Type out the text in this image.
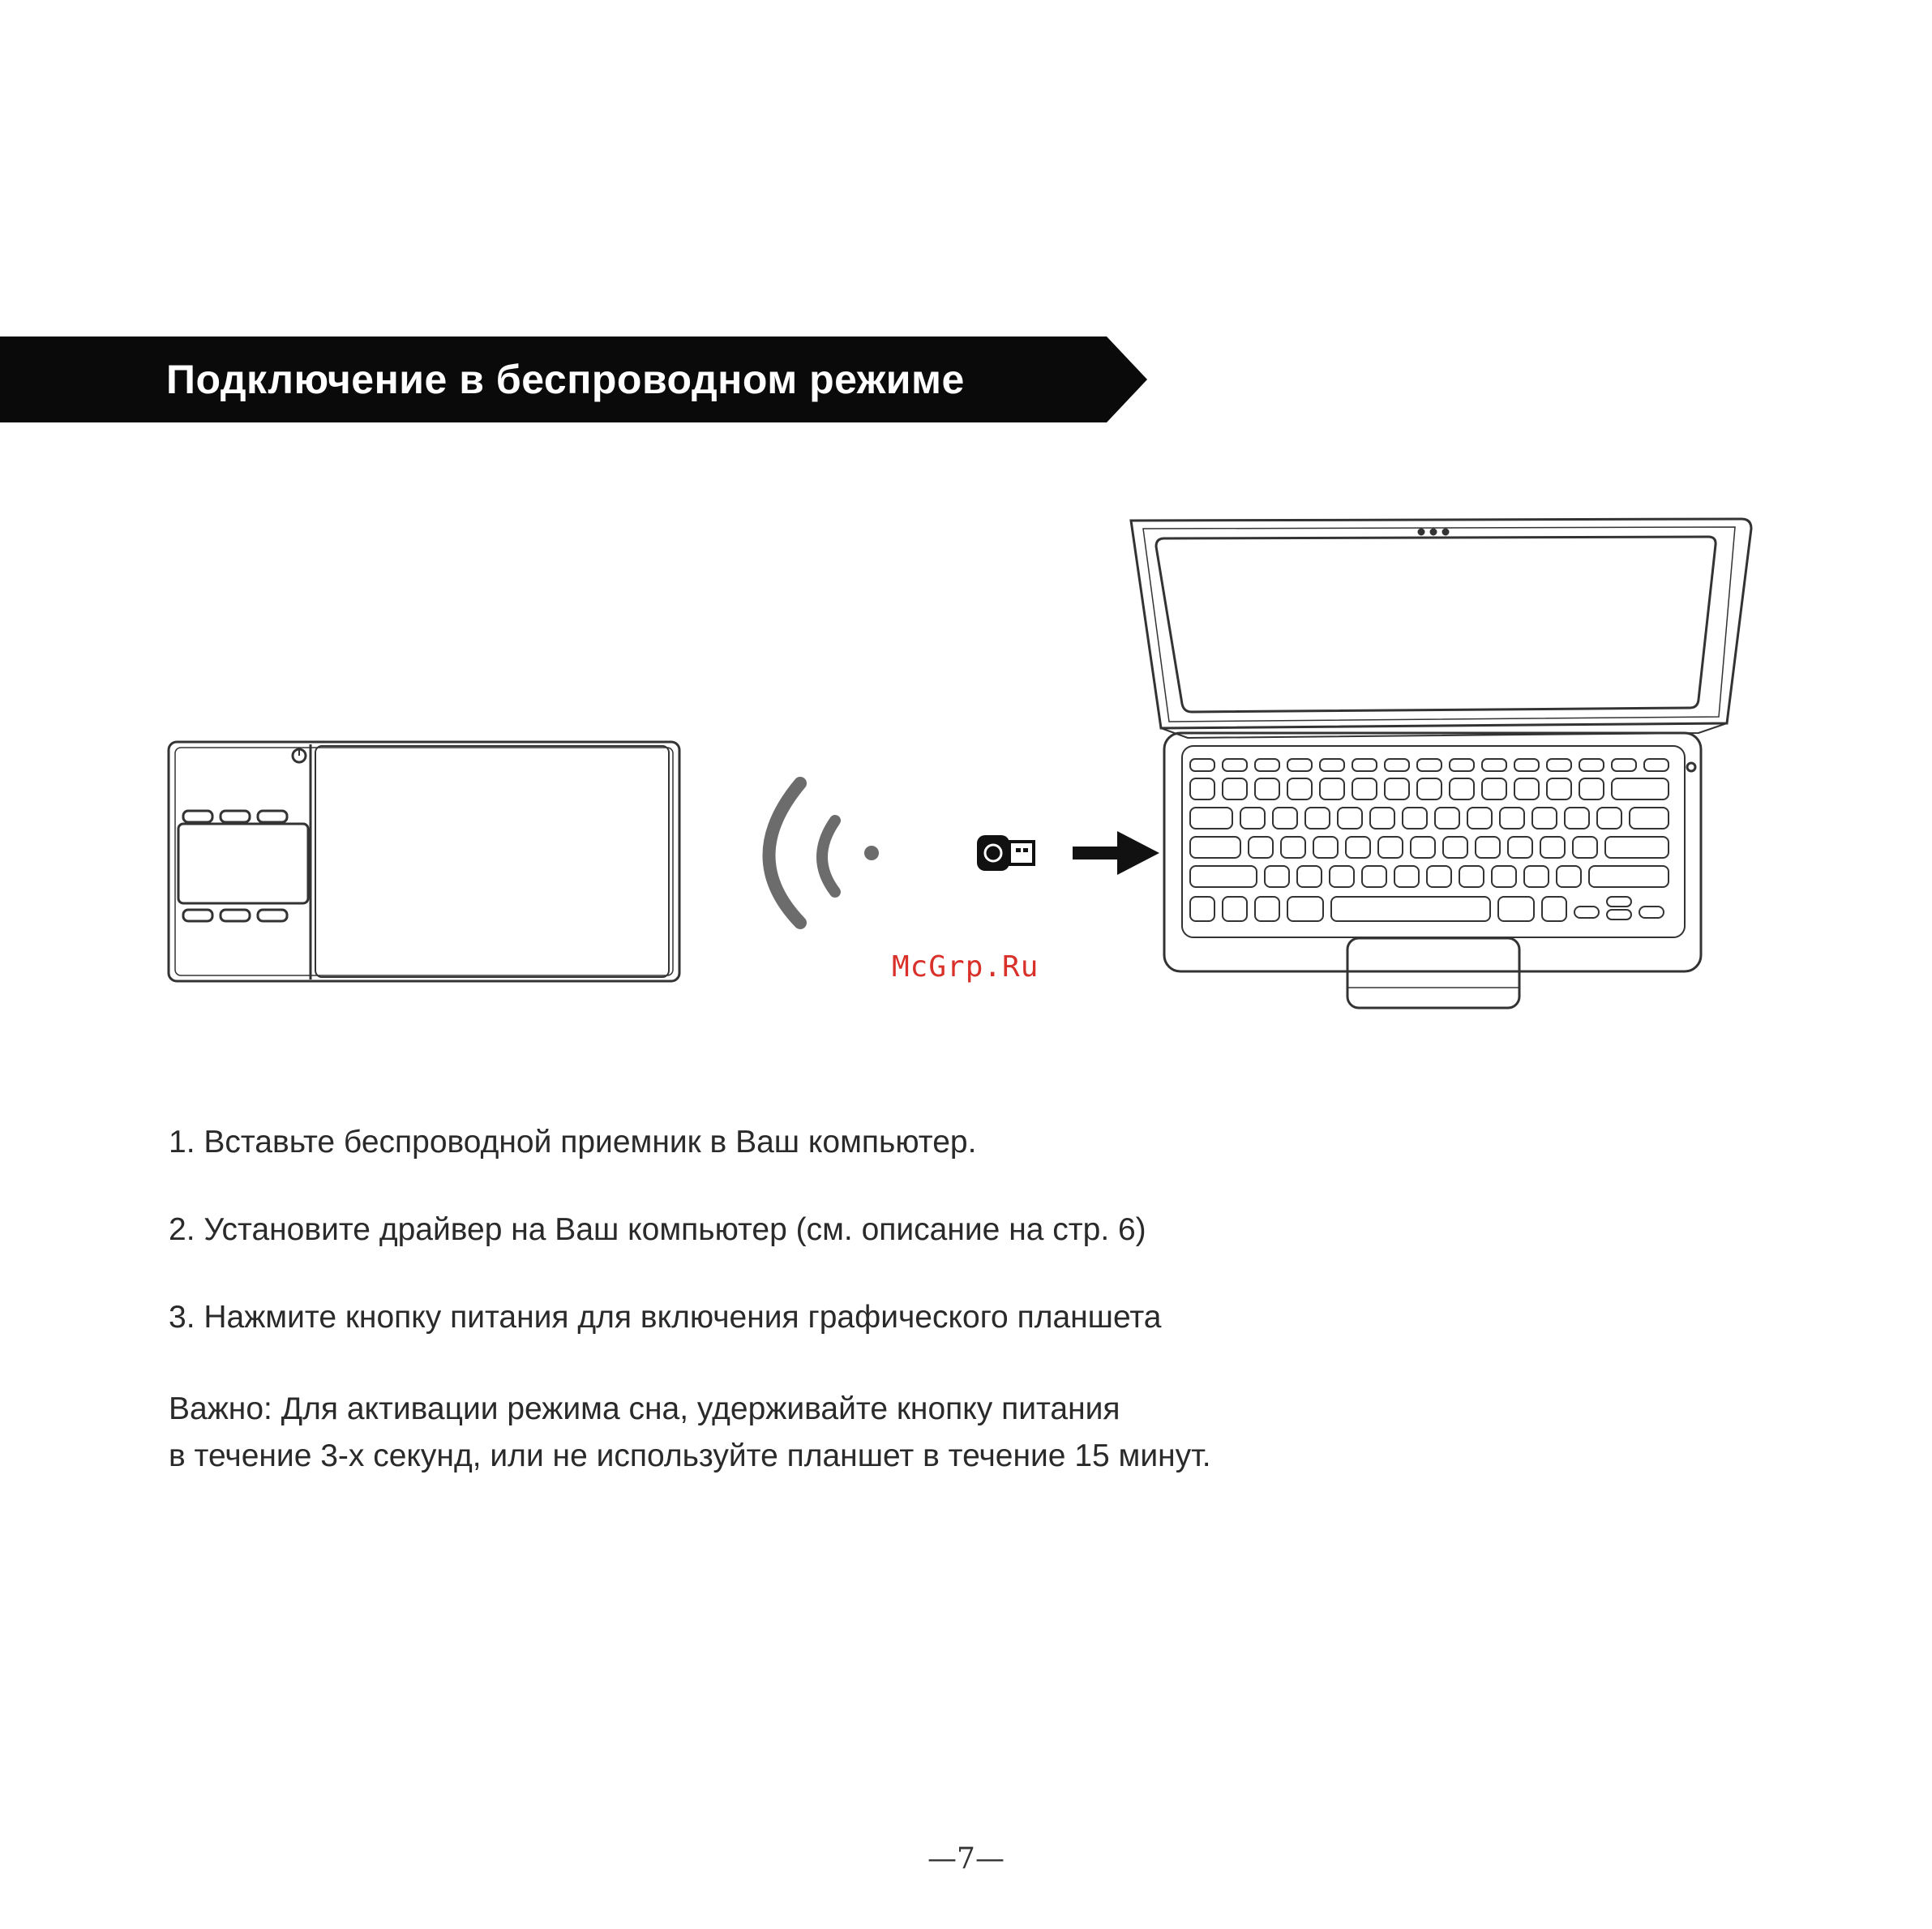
Подключение в беспроводном режиме
McGrp.Ru

1. Вставьте беспроводной приемник в Ваш компьютер.

2. Установите драйвер на Ваш компьютер (см. описание на стр. 6)

3. Нажмите кнопку питания для включения графического планшета

Важно: Для активации режима сна, удерживайте кнопку питания
в течение 3-х секунд, или не используйте планшет в течение 15 минут.
—7—
